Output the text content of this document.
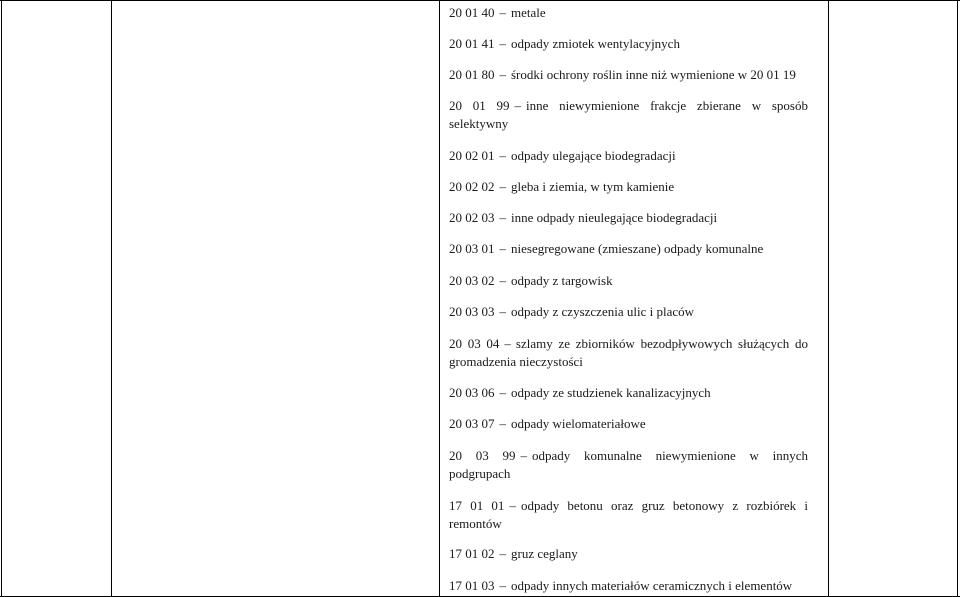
20 01 40 – metale
20 01 41 – odpady zmiotek wentylacyjnych
20 01 80 – środki ochrony roślin inne niż wymienione w 20 01 19
20 01 99 – inne niewymienione frakcje zbierane w sposób selektywny
20 02 01 – odpady ulegające biodegradacji
20 02 02 – gleba i ziemia, w tym kamienie
20 02 03 – inne odpady nieulegające biodegradacji
20 03 01 – niesegregowane (zmieszane) odpady komunalne
20 03 02 – odpady z targowisk
20 03 03 – odpady z czyszczenia ulic i placów
20 03 04 – szlamy ze zbiorników bezodpływowych służących do gromadzenia nieczystości
20 03 06 – odpady ze studzienek kanalizacyjnych
20 03 07 – odpady wielomateriałowe
20 03 99 – odpady komunalne niewymienione w innych podgrupach
17 01 01 – odpady betonu oraz gruz betonowy z rozbiórek i remontów
17 01 02 – gruz ceglany
17 01 03 – odpady innych materiałów ceramicznych i elementów
